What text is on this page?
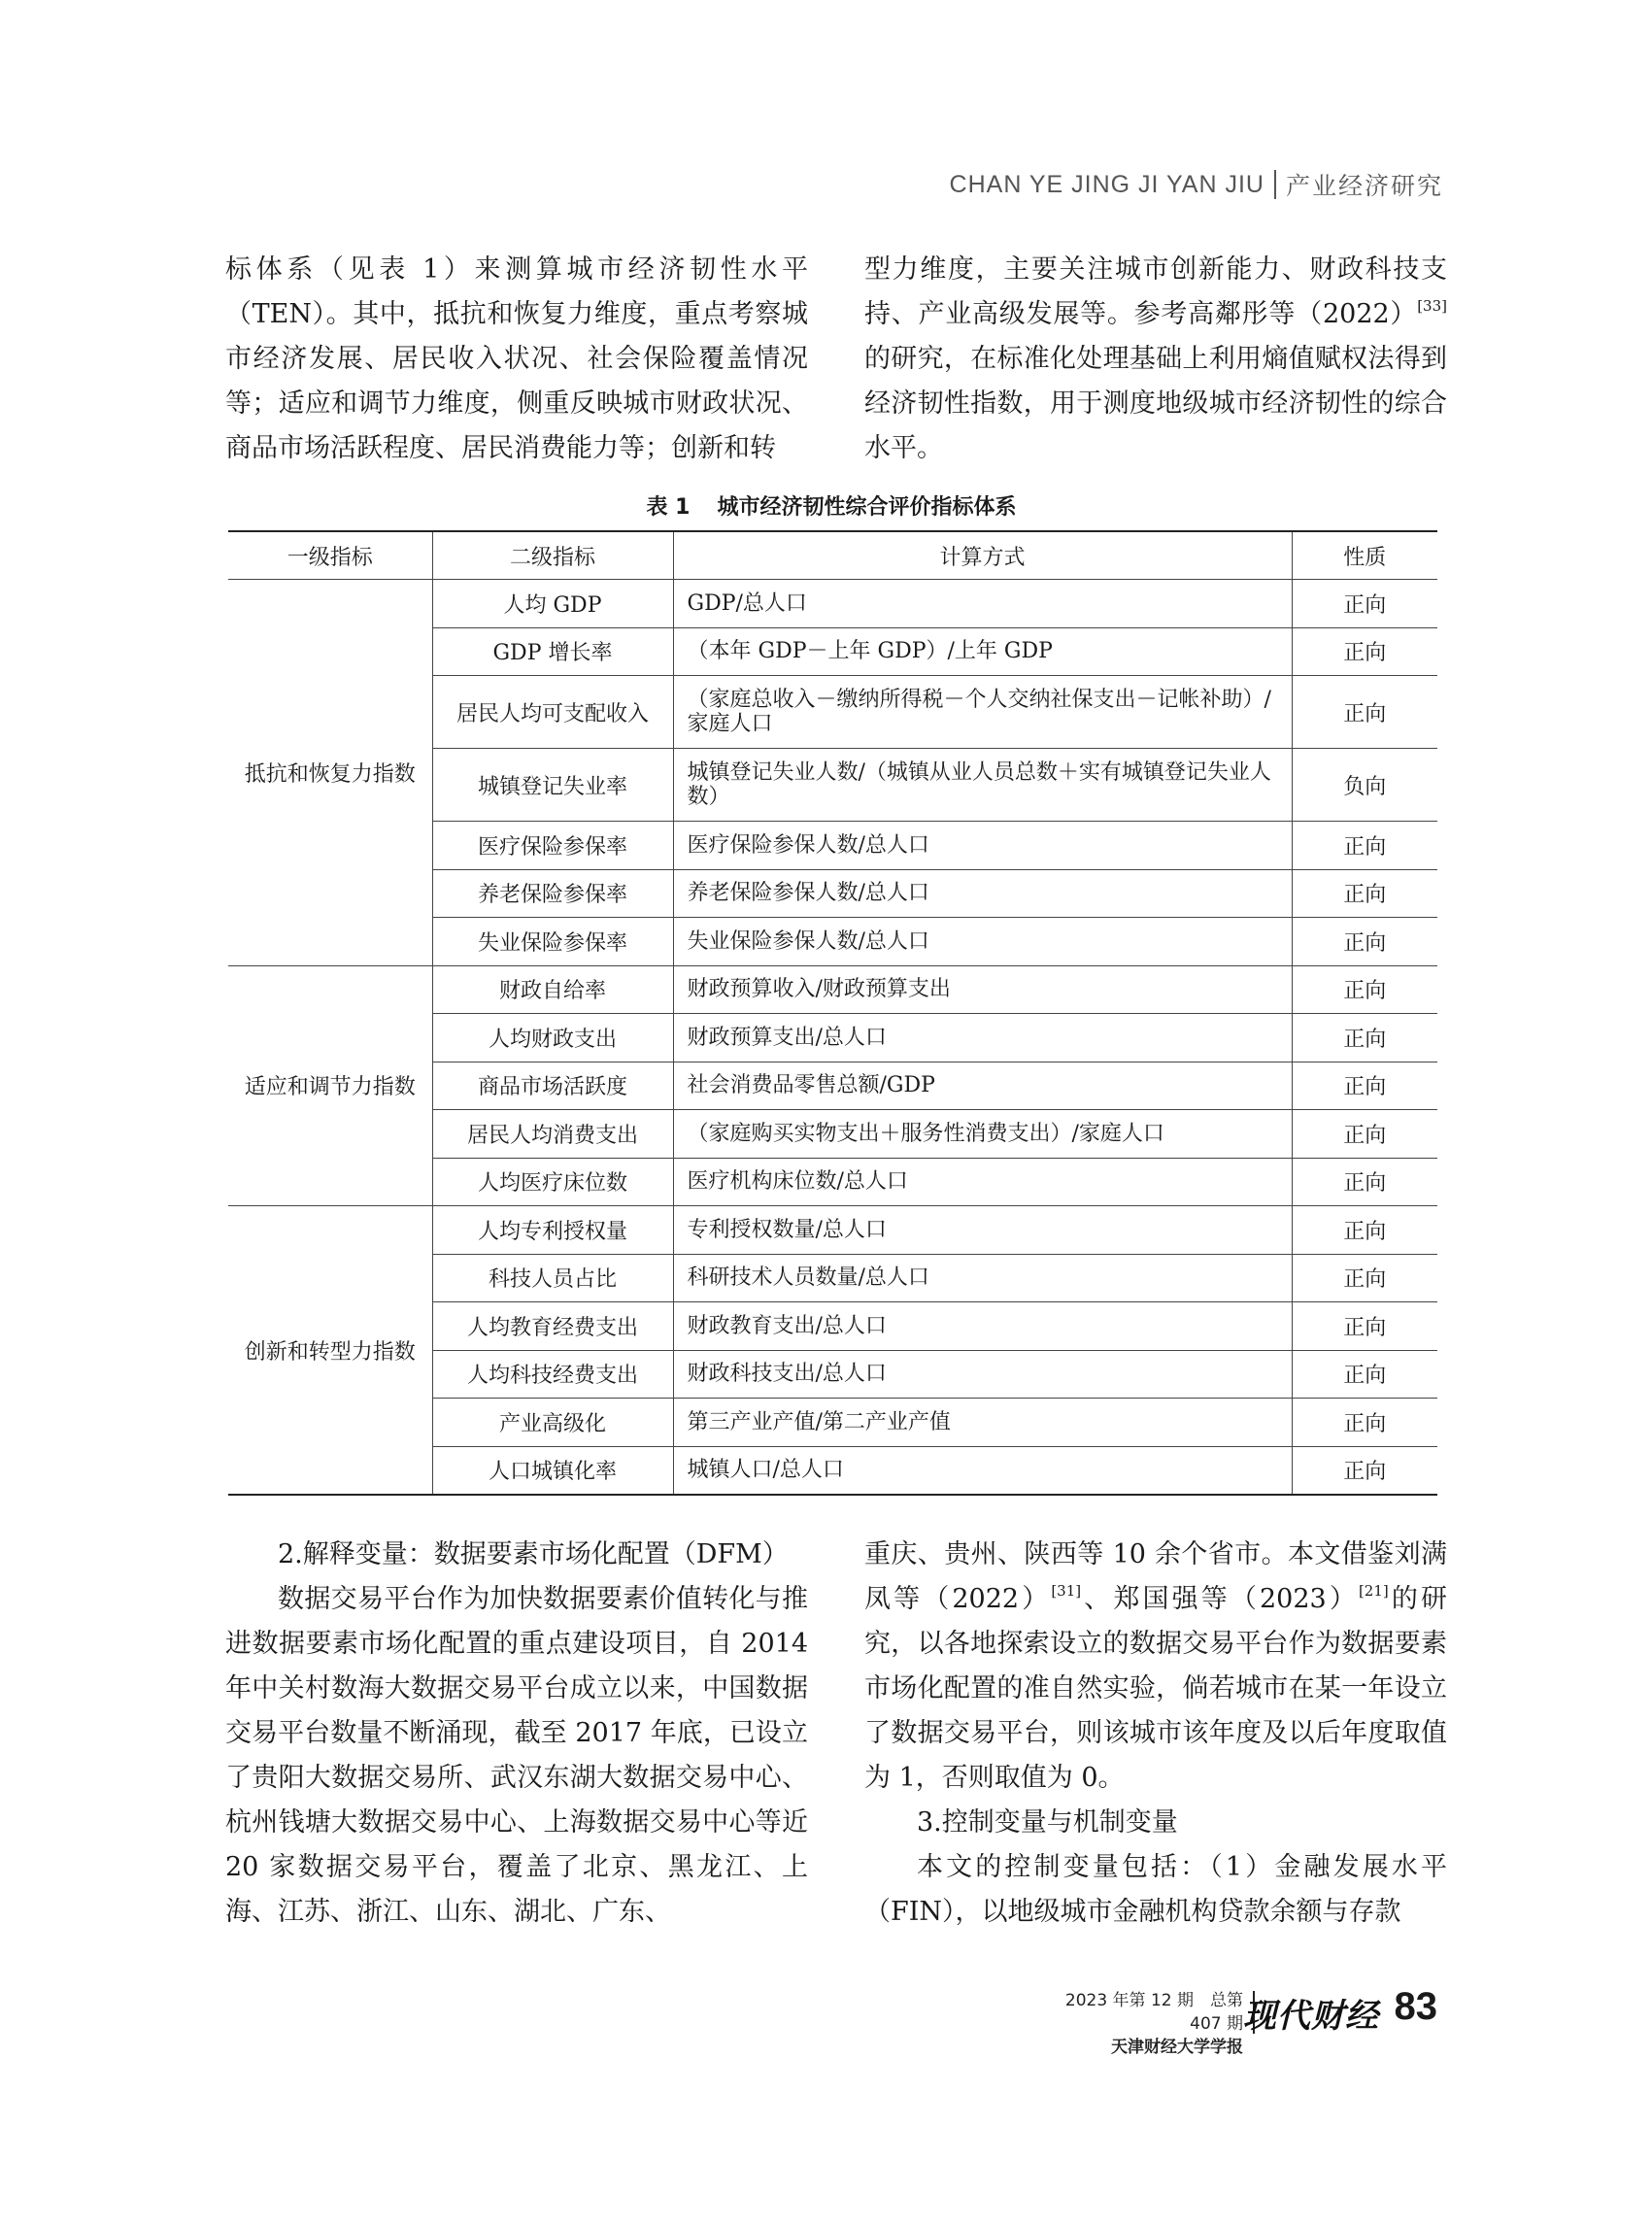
CHAN YE JING JI YAN JIU 产业经济研究

标体系（见表 1）来测算城市经济韧性水平（TEN）。其中，抵抗和恢复力维度，重点考察城市经济发展、居民收入状况、社会保险覆盖情况等；适应和调节力维度，侧重反映城市财政状况、商品市场活跃程度、居民消费能力等；创新和转

型力维度，主要关注城市创新能力、财政科技支持、产业高级发展等。参考高鄰彤等（2022）[33]的研究，在标准化处理基础上利用熵值赋权法得到经济韧性指数，用于测度地级城市经济韧性的综合水平。

表 1 城市经济韧性综合评价指标体系
一级指标	二级指标	计算方式	性质
抵抗和恢复力指数	人均 GDP	GDP/总人口	正向
	GDP 增长率	（本年 GDP－上年 GDP）/上年 GDP	正向
	居民人均可支配收入	（家庭总收入－缴纳所得税－个人交纳社保支出－记帐补助）/家庭人口	正向
	城镇登记失业率	城镇登记失业人数/（城镇从业人员总数＋实有城镇登记失业人数）	负向
	医疗保险参保率	医疗保险参保人数/总人口	正向
	养老保险参保率	养老保险参保人数/总人口	正向
	失业保险参保率	失业保险参保人数/总人口	正向
适应和调节力指数	财政自给率	财政预算收入/财政预算支出	正向
	人均财政支出	财政预算支出/总人口	正向
	商品市场活跃度	社会消费品零售总额/GDP	正向
	居民人均消费支出	（家庭购买实物支出＋服务性消费支出）/家庭人口	正向
	人均医疗床位数	医疗机构床位数/总人口	正向
创新和转型力指数	人均专利授权量	专利授权数量/总人口	正向
	科技人员占比	科研技术人员数量/总人口	正向
	人均教育经费支出	财政教育支出/总人口	正向
	人均科技经费支出	财政科技支出/总人口	正向
	产业高级化	第三产业产值/第二产业产值	正向
	人口城镇化率	城镇人口/总人口	正向

2.解释变量：数据要素市场化配置（DFM）

数据交易平台作为加快数据要素价值转化与推进数据要素市场化配置的重点建设项目，自 2014 年中关村数海大数据交易平台成立以来，中国数据交易平台数量不断涌现，截至 2017 年底，已设立了贵阳大数据交易所、武汉东湖大数据交易中心、杭州钱塘大数据交易中心、上海数据交易中心等近 20 家数据交易平台，覆盖了北京、黑龙江、上海、江苏、浙江、山东、湖北、广东、

重庆、贵州、陕西等 10 余个省市。本文借鉴刘满凤等（2022）[31]、郑国强等（2023）[21]的研究，以各地探索设立的数据交易平台作为数据要素市场化配置的准自然实验，倘若城市在某一年设立了数据交易平台，则该城市该年度及以后年度取值为 1，否则取值为 0。

3.控制变量与机制变量

本文的控制变量包括：（1）金融发展水平（FIN），以地级城市金融机构贷款余额与存款

2023 年第 12 期　总第 407 期
天津财经大学学报
现代财经 83
